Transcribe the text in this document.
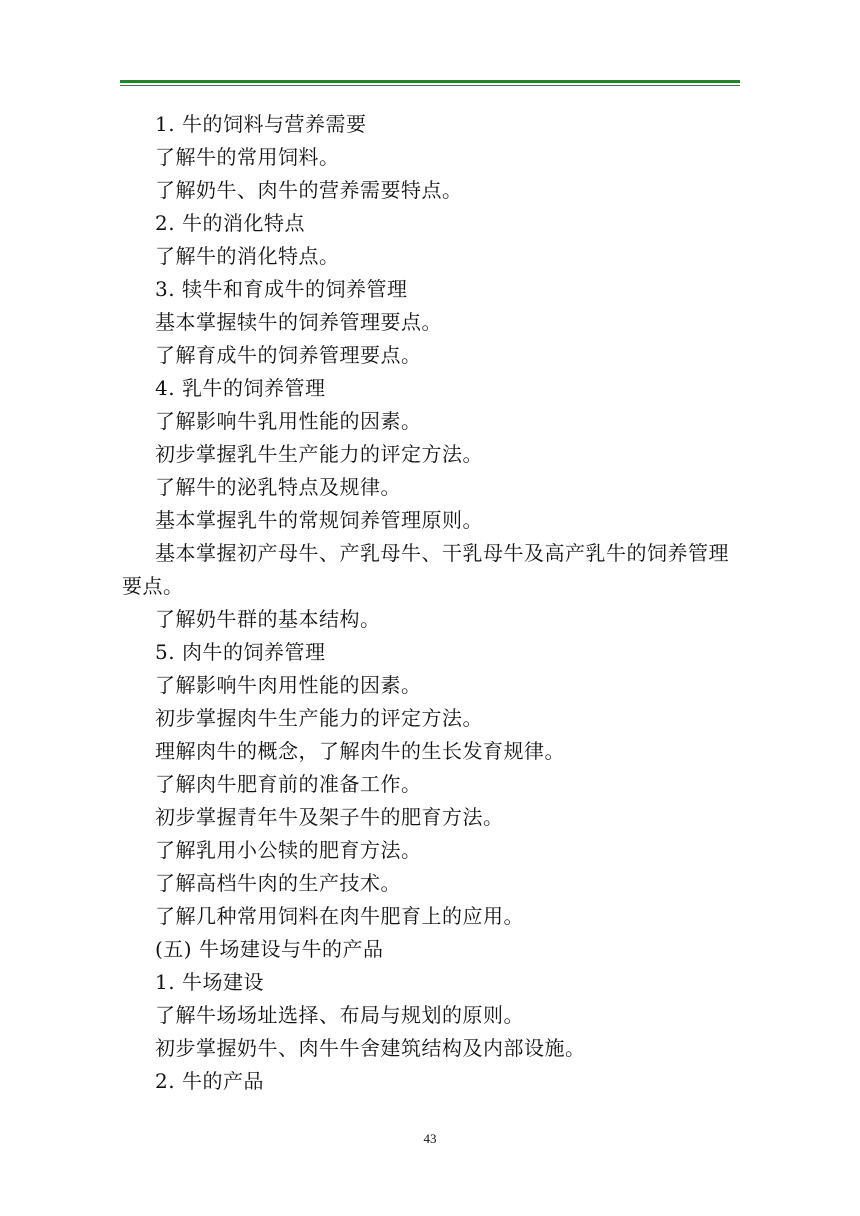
1. 牛的饲料与营养需要
了解牛的常用饲料。
了解奶牛、肉牛的营养需要特点。
2. 牛的消化特点
了解牛的消化特点。
3. 犊牛和育成牛的饲养管理
基本掌握犊牛的饲养管理要点。
了解育成牛的饲养管理要点。
4. 乳牛的饲养管理
了解影响牛乳用性能的因素。
初步掌握乳牛生产能力的评定方法。
了解牛的泌乳特点及规律。
基本掌握乳牛的常规饲养管理原则。
基本掌握初产母牛、产乳母牛、干乳母牛及高产乳牛的饲养管理要点。
了解奶牛群的基本结构。
5. 肉牛的饲养管理
了解影响牛肉用性能的因素。
初步掌握肉牛生产能力的评定方法。
理解肉牛的概念，了解肉牛的生长发育规律。
了解肉牛肥育前的准备工作。
初步掌握青年牛及架子牛的肥育方法。
了解乳用小公犊的肥育方法。
了解高档牛肉的生产技术。
了解几种常用饲料在肉牛肥育上的应用。
(五) 牛场建设与牛的产品
1. 牛场建设
了解牛场场址选择、布局与规划的原则。
初步掌握奶牛、肉牛牛舍建筑结构及内部设施。
2. 牛的产品
43
